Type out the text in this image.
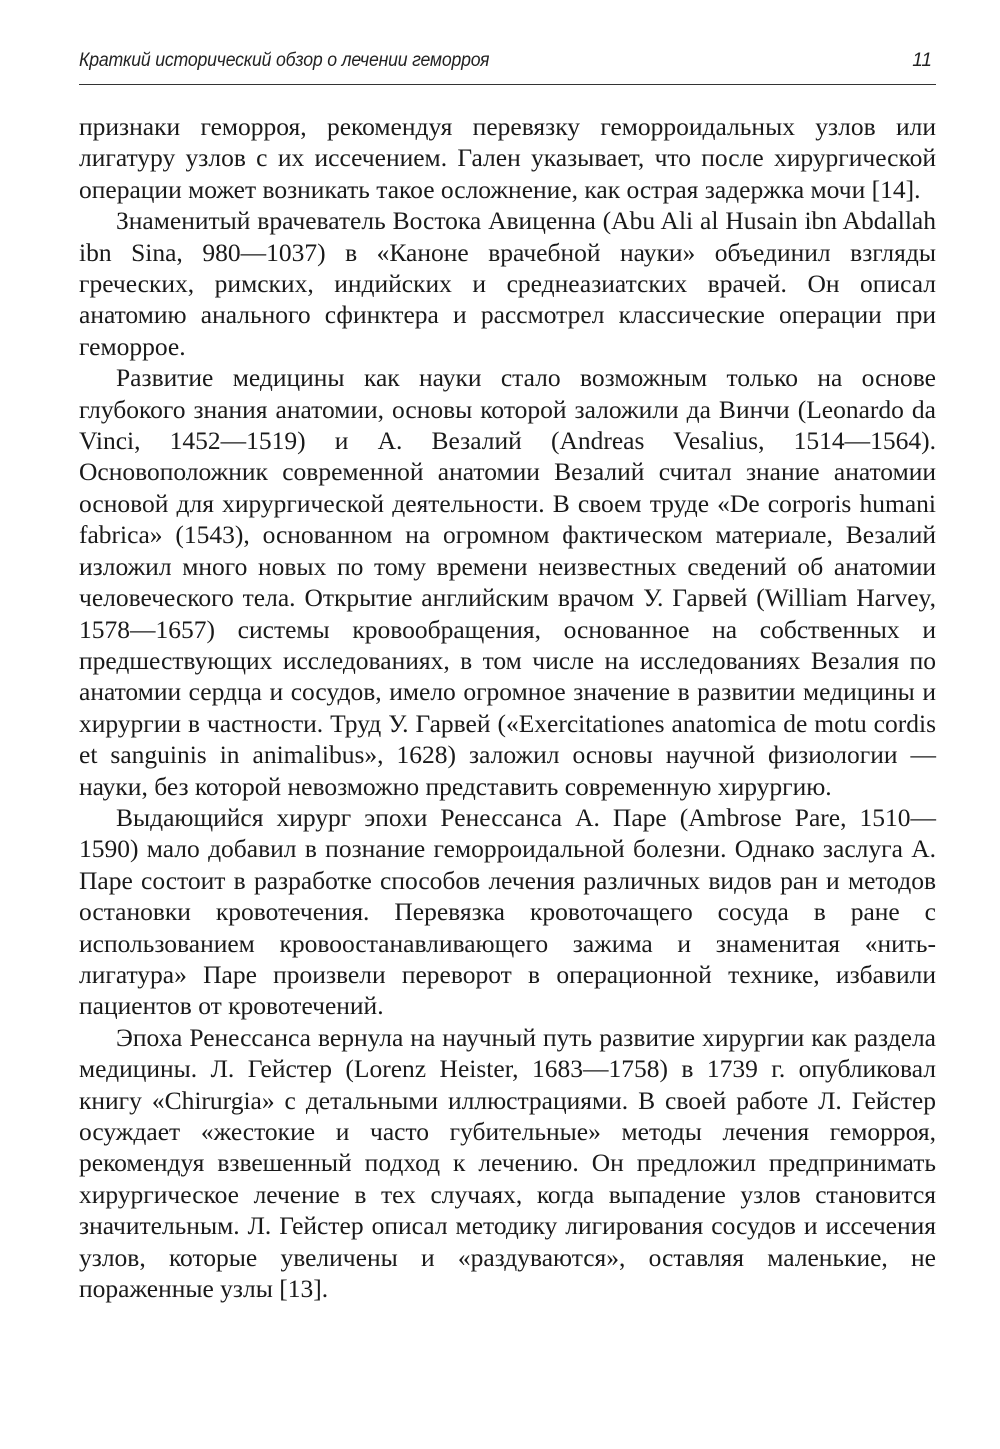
Краткий исторический обзор о лечении геморроя	11

признаки геморроя, рекомендуя перевязку геморроидальных узлов или лигатуру узлов с их иссечением. Гален указывает, что после хирургической операции может возникать такое осложнение, как острая задержка мочи [14].

Знаменитый врачеватель Востока Авиценна (Abu Ali al Husain ibn Abdallah ibn Sina, 980—1037) в «Каноне врачебной науки» объединил взгляды греческих, римских, индийских и среднеазиатских врачей. Он описал анатомию анального сфинктера и рассмотрел классические операции при геморрое.

Развитие медицины как науки стало возможным только на основе глубокого знания анатомии, основы которой заложили да Винчи (Leonardo da Vinci, 1452—1519) и А. Везалий (Andreas Vesalius, 1514—1564). Основоположник современной анатомии Везалий считал знание анатомии основой для хирургической деятельности. В своем труде «De corporis humani fabrica» (1543), основанном на огромном фактическом материале, Везалий изложил много новых по тому времени неизвестных сведений об анатомии человеческого тела. Открытие английским врачом У. Гарвей (William Harvey, 1578—1657) системы кровообращения, основанное на собственных и предшествующих исследованиях, в том числе на исследованиях Везалия по анатомии сердца и сосудов, имело огромное значение в развитии медицины и хирургии в частности. Труд У. Гарвей («Exercitationes anatomica de motu cordis et sanguinis in animalibus», 1628) заложил основы научной физиологии — науки, без которой невозможно представить современную хирургию.

Выдающийся хирург эпохи Ренессанса А. Паре (Ambrose Pare, 1510—1590) мало добавил в познание геморроидальной болезни. Однако заслуга А. Паре состоит в разработке способов лечения различных видов ран и методов остановки кровотечения. Перевязка кровоточащего сосуда в ране с использованием кровоостанавливающего зажима и знаменитая «нить-лигатура» Паре произвели переворот в операционной технике, избавили пациентов от кровотечений.

Эпоха Ренессанса вернула на научный путь развитие хирургии как раздела медицины. Л. Гейстер (Lorenz Heister, 1683—1758) в 1739 г. опубликовал книгу «Chirurgia» с детальными иллюстрациями. В своей работе Л. Гейстер осуждает «жестокие и часто губительные» методы лечения геморроя, рекомендуя взвешенный подход к лечению. Он предложил предпринимать хирургическое лечение в тех случаях, когда выпадение узлов становится значительным. Л. Гейстер описал методику лигирования сосудов и иссечения узлов, которые увеличены и «раздуваются», оставляя маленькие, не пораженные узлы [13].
